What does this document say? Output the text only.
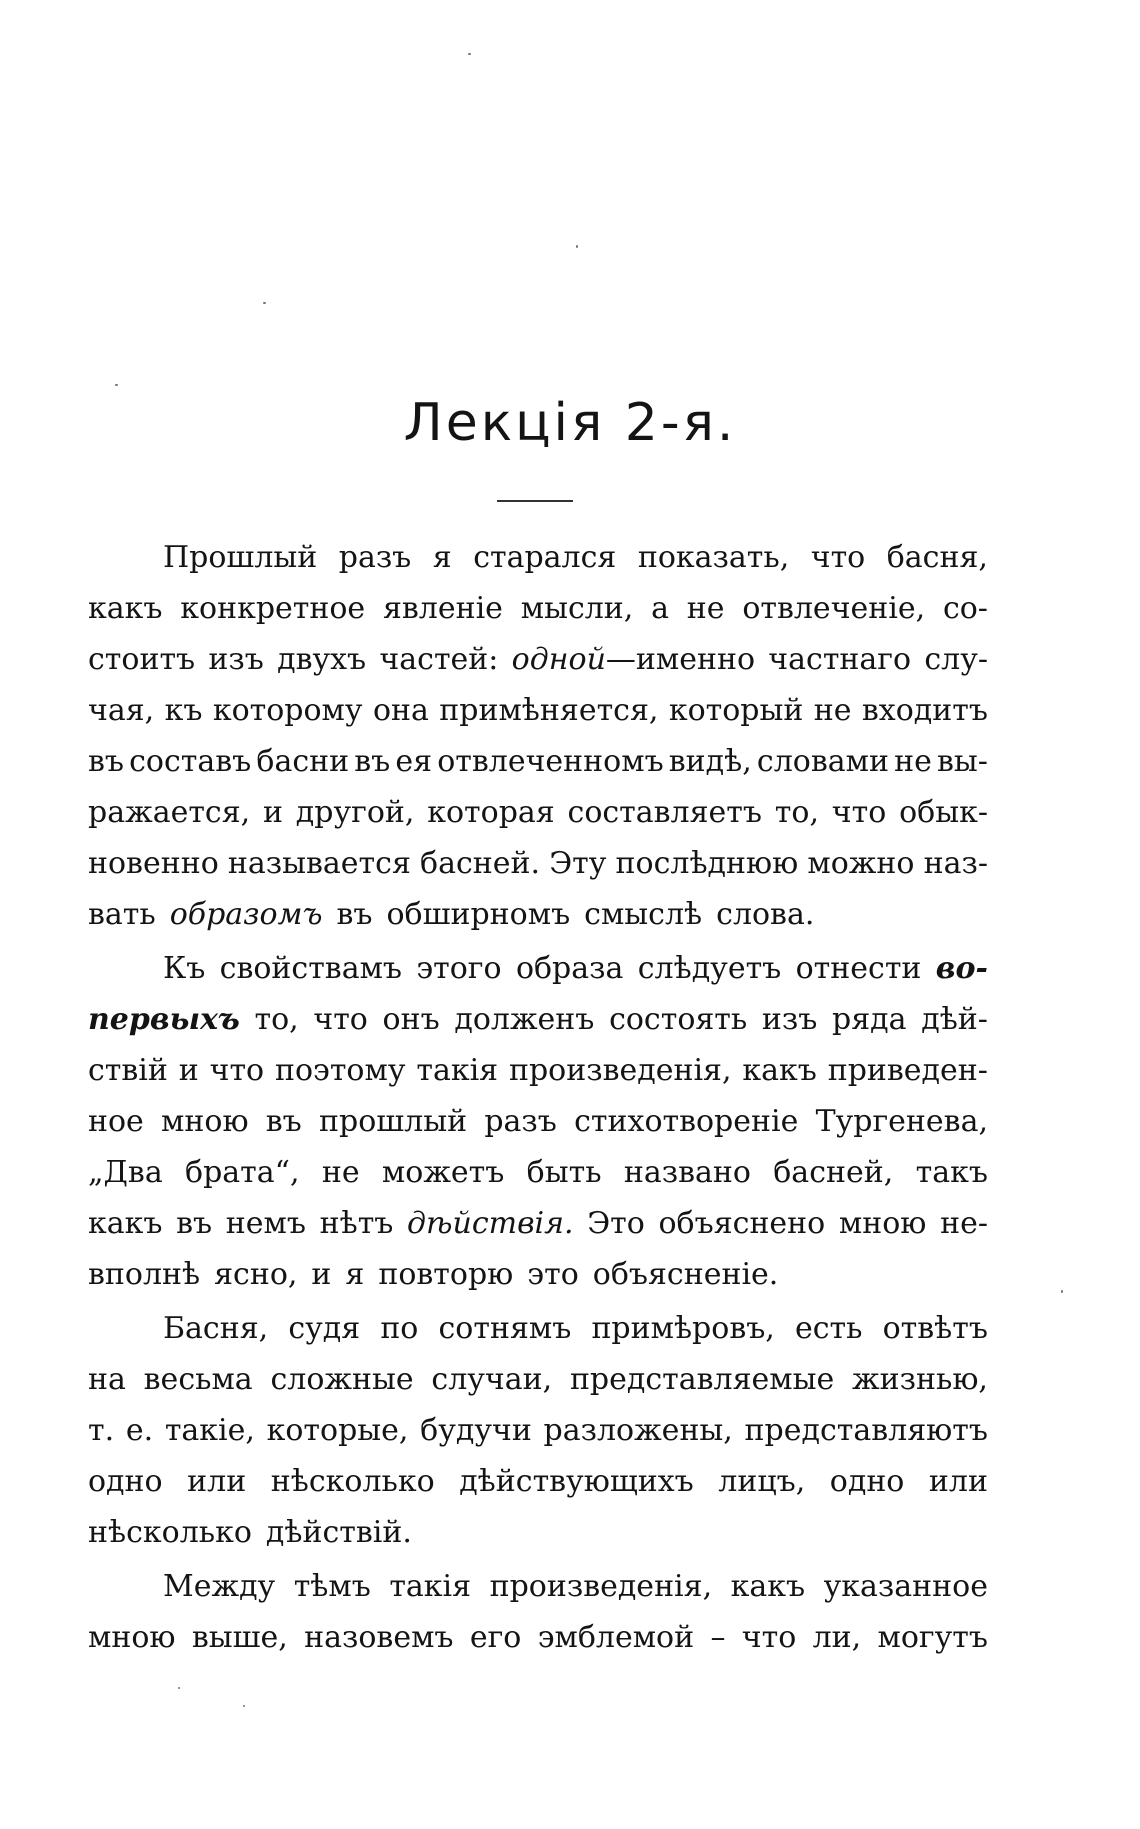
Лекція 2-я.
Прошлый разъ я старался показать, что басня,
какъ конкретное явленіе мысли, а не отвлеченіе, со-
стоитъ изъ двухъ частей: одной—именно частнаго слу-
чая, къ которому она примѣняется, который не входитъ
въ составъ басни въ ея отвлеченномъ видѣ, словами не вы-
ражается, и другой, которая составляетъ то, что обык-
новенно называется басней. Эту послѣднюю можно наз-
вать образомъ въ обширномъ смыслѣ слова.
Къ свойствамъ этого образа слѣдуетъ отнести во-
первыхъ то, что онъ долженъ состоять изъ ряда дѣй-
ствій и что поэтому такія произведенія, какъ приведен-
ное мною въ прошлый разъ стихотвореніе Тургенева,
„Два брата“, не можетъ быть названо басней, такъ
какъ въ немъ нѣтъ дѣйствія. Это объяснено мною не-
вполнѣ ясно, и я повторю это объясненіе.
Басня, судя по сотнямъ примѣровъ, есть отвѣтъ
на весьма сложные случаи, представляемые жизнью,
т. е. такіе, которые, будучи разложены, представляютъ
одно или нѣсколько дѣйствующихъ лицъ, одно или
нѣсколько дѣйствій.
Между тѣмъ такія произведенія, какъ указанное
мною выше, назовемъ его эмблемой – что ли, могутъ
